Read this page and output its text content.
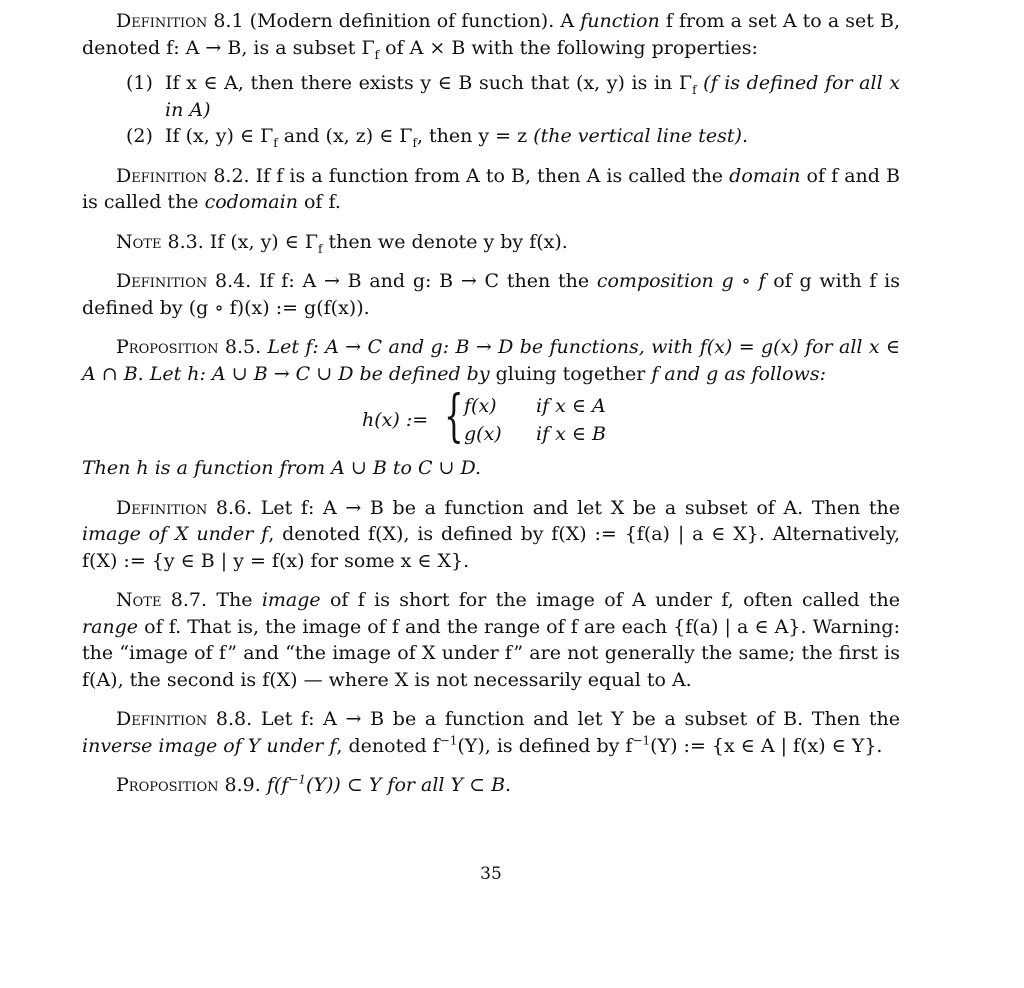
Definition 8.1 (Modern definition of function). A function f from a set A to a set B, denoted f: A → B, is a subset $\Gamma_f$ of A × B with the following properties:

(1) If x ∈ A, then there exists y ∈ B such that (x, y) is in $\Gamma_f$ (f is defined for all x in A)
(2) If (x, y) ∈ $\Gamma_f$ and (x, z) ∈ $\Gamma_f$, then y = z (the vertical line test).

Definition 8.2. If f is a function from A to B, then A is called the domain of f and B is called the codomain of f.

Note 8.3. If (x, y) ∈ $\Gamma_f$ then we denote y by f(x).

Definition 8.4. If f: A → B and g: B → C then the composition g ∘ f of g with f is defined by (g ∘ f)(x) := g(f(x)).

Proposition 8.5. Let f: A → C and g: B → D be functions, with f(x) = g(x) for all x ∈ A ∩ B. Let h: A ∪ B → C ∪ D be defined by gluing together f and g as follows:

h(x) := { f(x) if x ∈ A
g(x) if x ∈ B

Then h is a function from A ∪ B to C ∪ D.

Definition 8.6. Let f: A → B be a function and let X be a subset of A. Then the image of X under f, denoted f(X), is defined by f(X) := {f(a) | a ∈ X}. Alternatively, f(X) := {y ∈ B | y = f(x) for some x ∈ X}.

Note 8.7. The image of f is short for the image of A under f, often called the range of f. That is, the image of f and the range of f are each {f(a) | a ∈ A}. Warning: the “image of f” and “the image of X under f” are not generally the same; the first is f(A), the second is f(X) — where X is not necessarily equal to A.

Definition 8.8. Let f: A → B be a function and let Y be a subset of B. Then the inverse image of Y under f, denoted $f^{-1}(Y)$, is defined by $f^{-1}(Y)$ := {x ∈ A | f(x) ∈ Y}.

Proposition 8.9. $f(f^{-1}(Y))$ ⊂ Y for all Y ⊂ B.

35
